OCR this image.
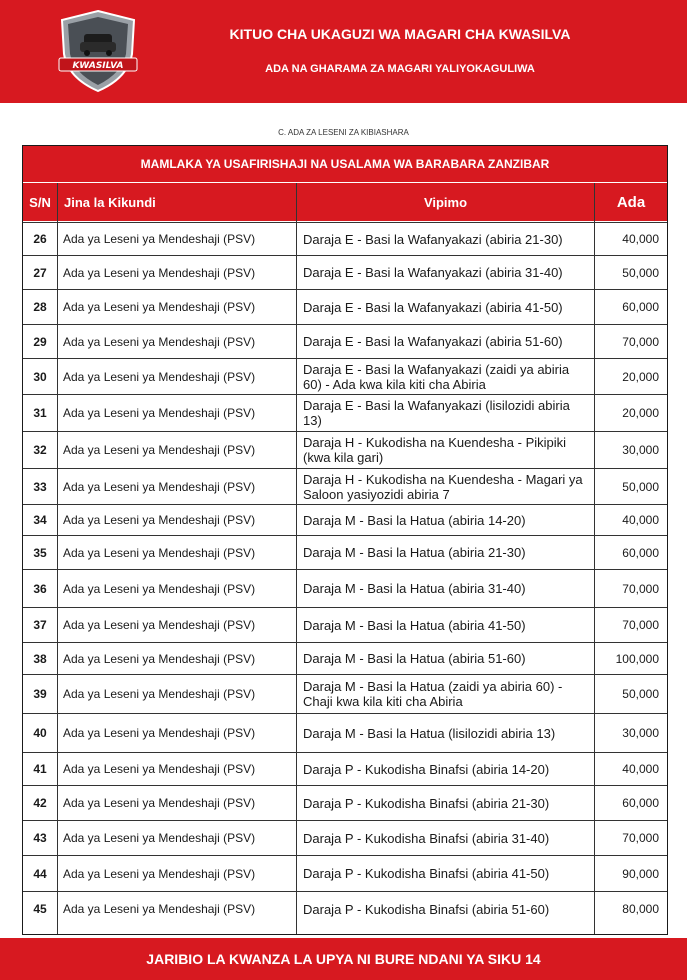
KWASILVA
KITUO CHA UKAGUZI WA MAGARI CHA KWASILVA
ADA NA GHARAMA ZA MAGARI YALIYOKAGULIWA
C. ADA ZA LESENI ZA KIBIASHARA
MAMLAKA YA USAFIRISHAJI NA USALAMA WA BARABARA ZANZIBAR
S/N	Jina la Kikundi	Vipimo	Ada
26	Ada ya Leseni ya Mendeshaji (PSV)	Daraja E - Basi la Wafanyakazi (abiria 21-30)	40,000
27	Ada ya Leseni ya Mendeshaji (PSV)	Daraja E - Basi la Wafanyakazi (abiria 31-40)	50,000
28	Ada ya Leseni ya Mendeshaji (PSV)	Daraja E - Basi la Wafanyakazi (abiria 41-50)	60,000
29	Ada ya Leseni ya Mendeshaji (PSV)	Daraja E - Basi la Wafanyakazi (abiria 51-60)	70,000
30	Ada ya Leseni ya Mendeshaji (PSV)	Daraja E - Basi la Wafanyakazi (zaidi ya abiria 60) - Ada kwa kila kiti cha Abiria	20,000
31	Ada ya Leseni ya Mendeshaji (PSV)	Daraja E - Basi la Wafanyakazi (lisilozidi abiria 13)	20,000
32	Ada ya Leseni ya Mendeshaji (PSV)	Daraja H - Kukodisha na Kuendesha - Pikipiki (kwa kila gari)	30,000
33	Ada ya Leseni ya Mendeshaji (PSV)	Daraja H - Kukodisha na Kuendesha - Magari ya Saloon yasiyozidi abiria 7	50,000
34	Ada ya Leseni ya Mendeshaji (PSV)	Daraja M - Basi la Hatua (abiria 14-20)	40,000
35	Ada ya Leseni ya Mendeshaji (PSV)	Daraja M - Basi la Hatua (abiria 21-30)	60,000
36	Ada ya Leseni ya Mendeshaji (PSV)	Daraja M - Basi la Hatua (abiria 31-40)	70,000
37	Ada ya Leseni ya Mendeshaji (PSV)	Daraja M - Basi la Hatua (abiria 41-50)	70,000
38	Ada ya Leseni ya Mendeshaji (PSV)	Daraja M - Basi la Hatua (abiria 51-60)	100,000
39	Ada ya Leseni ya Mendeshaji (PSV)	Daraja M - Basi la Hatua (zaidi ya abiria 60) - Chaji kwa kila kiti cha Abiria	50,000
40	Ada ya Leseni ya Mendeshaji (PSV)	Daraja M - Basi la Hatua (lisilozidi abiria 13)	30,000
41	Ada ya Leseni ya Mendeshaji (PSV)	Daraja P - Kukodisha Binafsi (abiria 14-20)	40,000
42	Ada ya Leseni ya Mendeshaji (PSV)	Daraja P - Kukodisha Binafsi (abiria 21-30)	60,000
43	Ada ya Leseni ya Mendeshaji (PSV)	Daraja P - Kukodisha Binafsi (abiria 31-40)	70,000
44	Ada ya Leseni ya Mendeshaji (PSV)	Daraja P - Kukodisha Binafsi (abiria 41-50)	90,000
45	Ada ya Leseni ya Mendeshaji (PSV)	Daraja P - Kukodisha Binafsi (abiria 51-60)	80,000
JARIBIO LA KWANZA LA UPYA NI BURE NDANI YA SIKU 14
